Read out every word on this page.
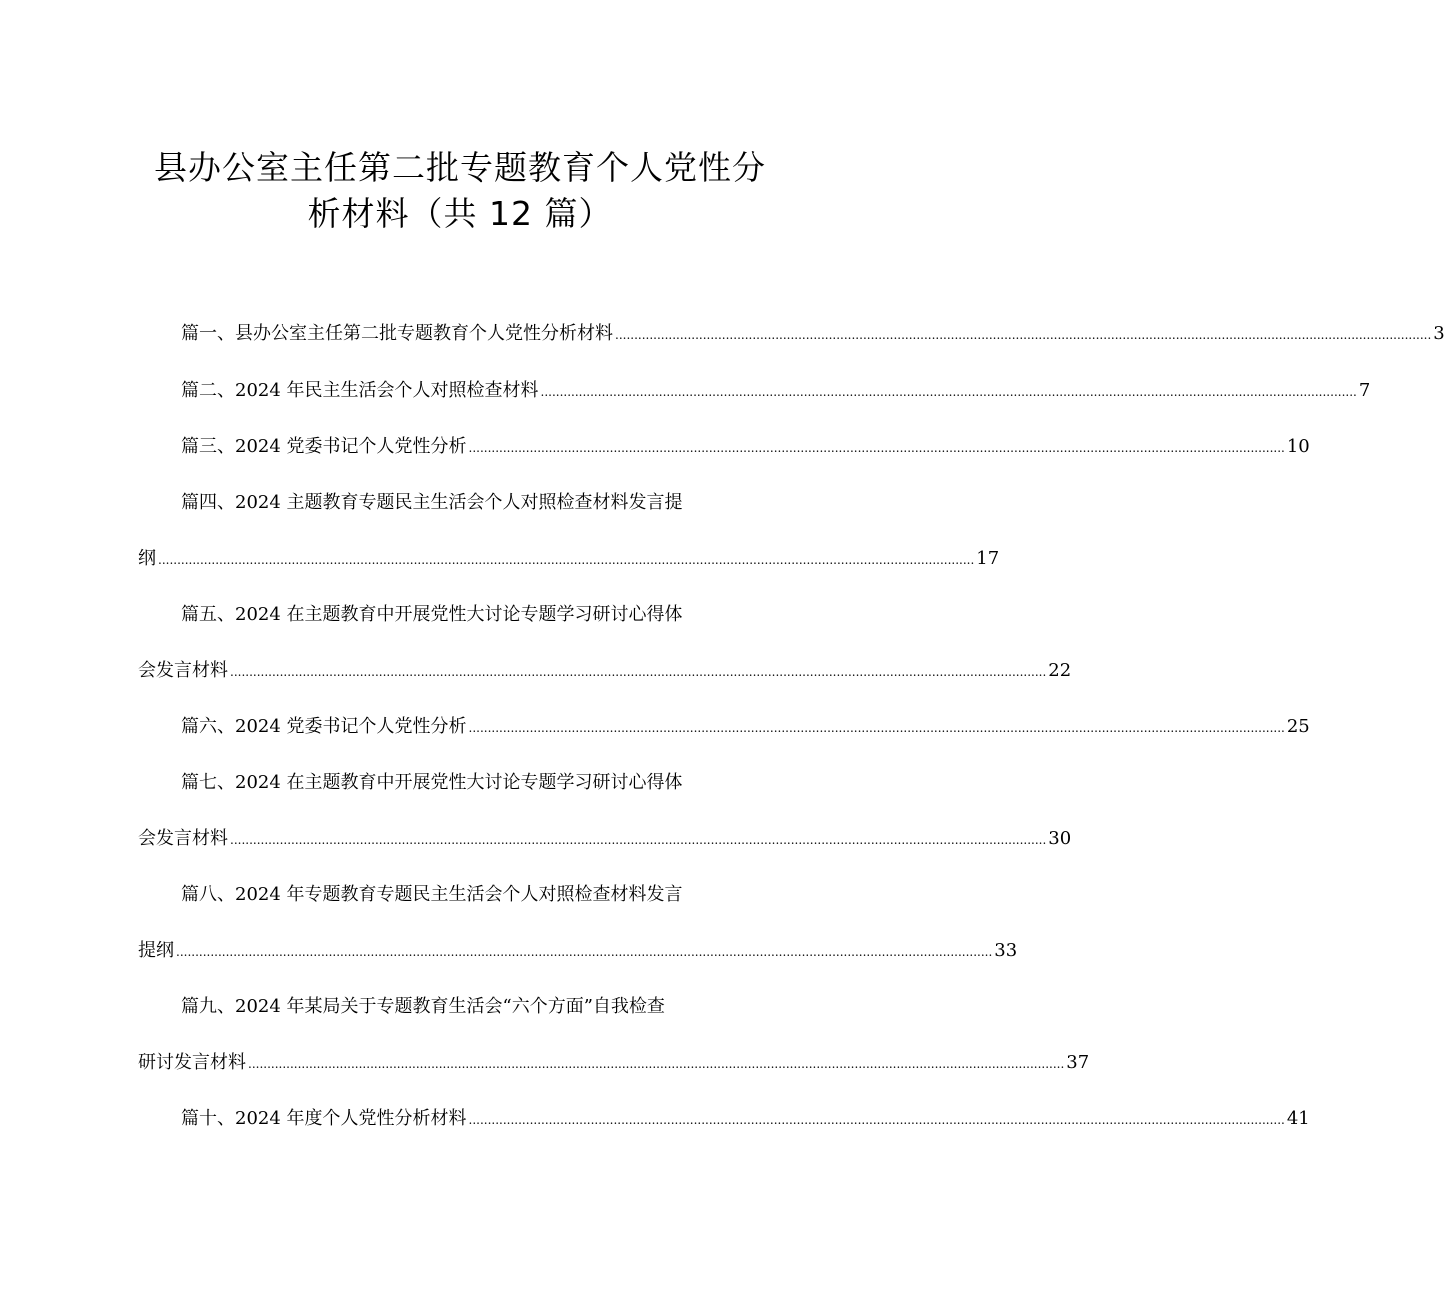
县办公室主任第二批专题教育个人党性分
析材料（共 12 篇）
篇一、县办公室主任第二批专题教育个人党性分析材料 ...................................................................................................................................................................................................................... 3
篇二、2024 年民主生活会个人对照检查材料 ...................................................................................................................................................................................................................... 7
篇三、2024 党委书记个人党性分析 ...................................................................................................................................................................................................................... 10
篇四、2024 主题教育专题民主生活会个人对照检查材料发言提
纲 ...................................................................................................................................................................................................................... 17
篇五、2024 在主题教育中开展党性大讨论专题学习研讨心得体
会发言材料 ...................................................................................................................................................................................................................... 22
篇六、2024 党委书记个人党性分析 ...................................................................................................................................................................................................................... 25
篇七、2024 在主题教育中开展党性大讨论专题学习研讨心得体
会发言材料 ...................................................................................................................................................................................................................... 30
篇八、2024 年专题教育专题民主生活会个人对照检查材料发言
提纲 ...................................................................................................................................................................................................................... 33
篇九、2024 年某局关于专题教育生活会“六个方面”自我检查
研讨发言材料 ...................................................................................................................................................................................................................... 37
篇十、2024 年度个人党性分析材料 ...................................................................................................................................................................................................................... 41
